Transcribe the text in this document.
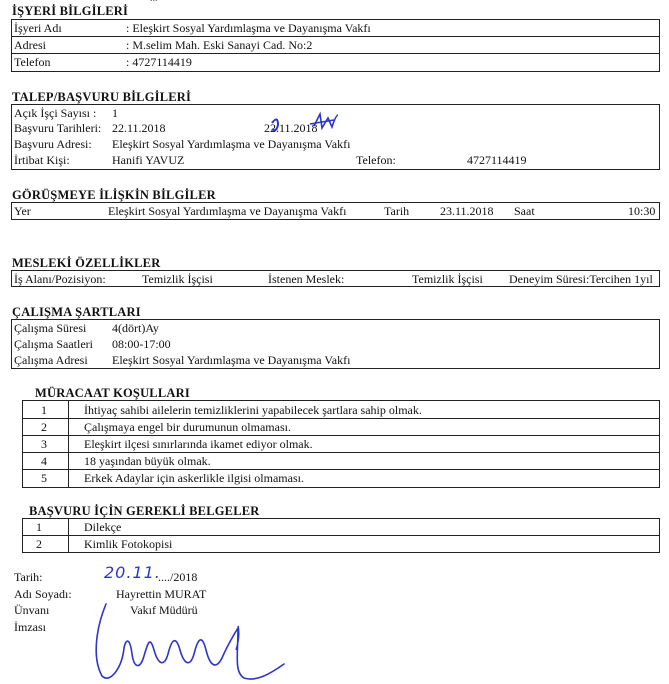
İŞYERİ BİLGİLERİ
İşyeri Adı	: Eleşkirt Sosyal Yardımlaşma ve Dayanışma Vakfı
Adresi	: M.selim Mah. Eski Sanayi Cad. No:2
Telefon	: 4727114419
TALEP/BAŞVURU BİLGİLERİ
Açık İşçi Sayısı : 1
Başvuru Tarihleri: 22.11.2018	22.11.2018
Başvuru Adresi: Eleşkirt Sosyal Yardımlaşma ve Dayanışma Vakfı
İrtibat Kişi:	Hanifi YAVUZ	Telefon:	4727114419
GÖRÜŞMEYE İLİŞKİN BİLGİLER
Yer	Eleşkirt Sosyal Yardımlaşma ve Dayanışma Vakfı	Tarih	23.11.2018 Saat	10:30
MESLEKİ ÖZELLİKLER
İş Alanı/Pozisiyon:	Temizlik İşçisi	İstenen Meslek:	Temizlik İşçisi Deneyim Süresi:Tercihen 1yıl
ÇALIŞMA ŞARTLARI
Çalışma Süresi 4(dört)Ay
Çalışma Saatleri 08:00-17:00
Çalışma Adresi Eleşkirt Sosyal Yardımlaşma ve Dayanışma Vakfı
MÜRACAAT KOŞULLARI
1	İhtiyaç sahibi ailelerin temizliklerini yapabilecek şartlara sahip olmak.
2	Çalışmaya engel bir durumunun olmaması.
3	Eleşkirt ilçesi sınırlarında ikamet ediyor olmak.
4	18 yaşından büyük olmak.
5	Erkek Adaylar için askerlikle ilgisi olmaması.
BAŞVURU İÇİN GEREKLİ BELGELER
1	Dilekçe
2	Kimlik Fotokopisi
Tarih:	20.11.
..../2018
Adı Soyadı:	Hayrettin MURAT
Ünvanı	Vakıf Müdürü
İmzası
